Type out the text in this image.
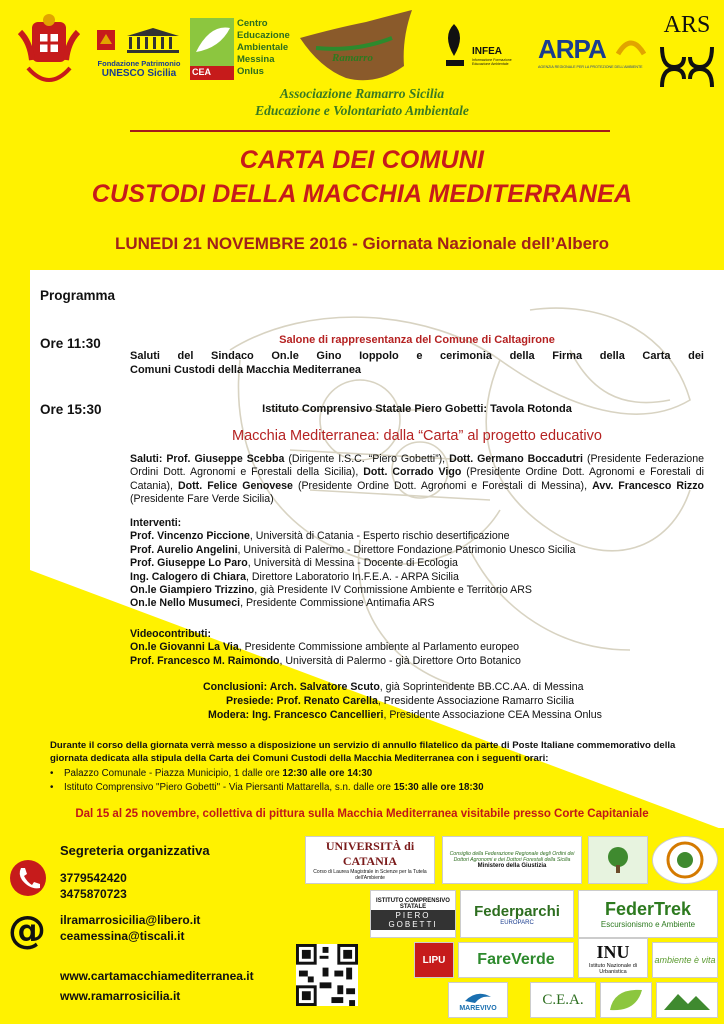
Fondazione Patrimonio
UNESCO Sicilia	CEA
Centro
Educazione
Ambientale
Messina
Onlus
Ramarro
INFEA
Informazione Formazione Educazione Ambientale	ARPA
AGENZIA REGIONALE PER LA PROTEZIONE DELL'AMBIENTE
ARS
Associazione Ramarro Sicilia
Educazione e Volontariato Ambientale
CARTA DEI COMUNI
CUSTODI DELLA MACCHIA MEDITERRANEA
LUNEDI 21 NOVEMBRE 2016 - Giornata Nazionale dell’Albero
Programma
Ore 11:30	Salone di rappresentanza del Comune di Caltagirone
Saluti del Sindaco On.le Gino Ioppolo e cerimonia della Firma della Carta dei
Comuni Custodi della Macchia Mediterranea
Ore 15:30	Istituto Comprensivo Statale Piero Gobetti: Tavola Rotonda
Macchia Mediterranea: dalla “Carta” al progetto educativo
Saluti: Prof. Giuseppe Scebba (Dirigente I.S.C. “Piero Gobetti”), Dott. Germano Boccadutri (Presidente Federazione Ordini Dott. Agronomi e Forestali della Sicilia), Dott. Corrado Vigo (Presidente Ordine Dott. Agronomi e Forestali di Catania), Dott. Felice Genovese (Presidente Ordine Dott. Agronomi e Forestali di Messina), Avv. Francesco Rizzo (Presidente Fare Verde Sicilia)
Interventi:
Prof. Vincenzo Piccione, Università di Catania - Esperto rischio desertificazione
Prof. Aurelio Angelini, Università di Palermo - Direttore Fondazione Patrimonio Unesco Sicilia
Prof. Giuseppe Lo Paro, Università di Messina - Docente di Ecologia
Ing. Calogero di Chiara, Direttore Laboratorio In.F.E.A. - ARPA Sicilia
On.le Giampiero Trizzino, già Presidente IV Commissione Ambiente e Territorio ARS
On.le Nello Musumeci, Presidente Commissione Antimafia ARS
Videocontributi:
On.le Giovanni La Via, Presidente Commissione ambiente al Parlamento europeo
Prof. Francesco M. Raimondo, Università di Palermo - già Direttore Orto Botanico
Conclusioni: Arch. Salvatore Scuto, già Soprintendente BB.CC.AA. di Messina
Presiede: Prof. Renato Carella, Presidente Associazione Ramarro Sicilia
Modera: Ing. Francesco Cancellieri, Presidente Associazione CEA Messina Onlus
Durante il corso della giornata verrà messo a disposizione un servizio di annullo filatelico da parte di Poste Italiane commemorativo della giornata dedicata alla stipula della Carta dei Comuni Custodi della Macchia Mediterranea con i seguenti orari:
• Palazzo Comunale - Piazza Municipio, 1 dalle ore 12:30 alle ore 14:30
• Istituto Comprensivo "Piero Gobetti" - Via Piersanti Mattarella, s.n. dalle ore 15:30 alle ore 18:30
Dal 15 al 25 novembre, collettiva di pittura sulla Macchia Mediterranea visitabile presso Corte Capitaniale
Segreteria organizzativa
3779542420
3475870723
@ ilramarrosicilia@libero.it
ceamessina@tiscali.it
www.cartamacchiamediterranea.it
www.ramarrosicilia.it
UNIVERSITÀ di CATANIA
Corso di Laurea Magistrale in Scienze per la Tutela dell'Ambiente
Consiglio della Federazione Regionale degli Ordini dei Dottori Agronomi e dei Dottori Forestali della Sicilia
Ministero della Giustizia
ISTITUTO COMPRENSIVO STATALE
PIERO GOBETTI
Federparchi
EUROPARC
FederTrek
Escursionismo e Ambiente
LIPU	FareVerde	INU
Istituto Nazionale di Urbanistica
ambiente è vita
MAREVIVO
C.E.A.
